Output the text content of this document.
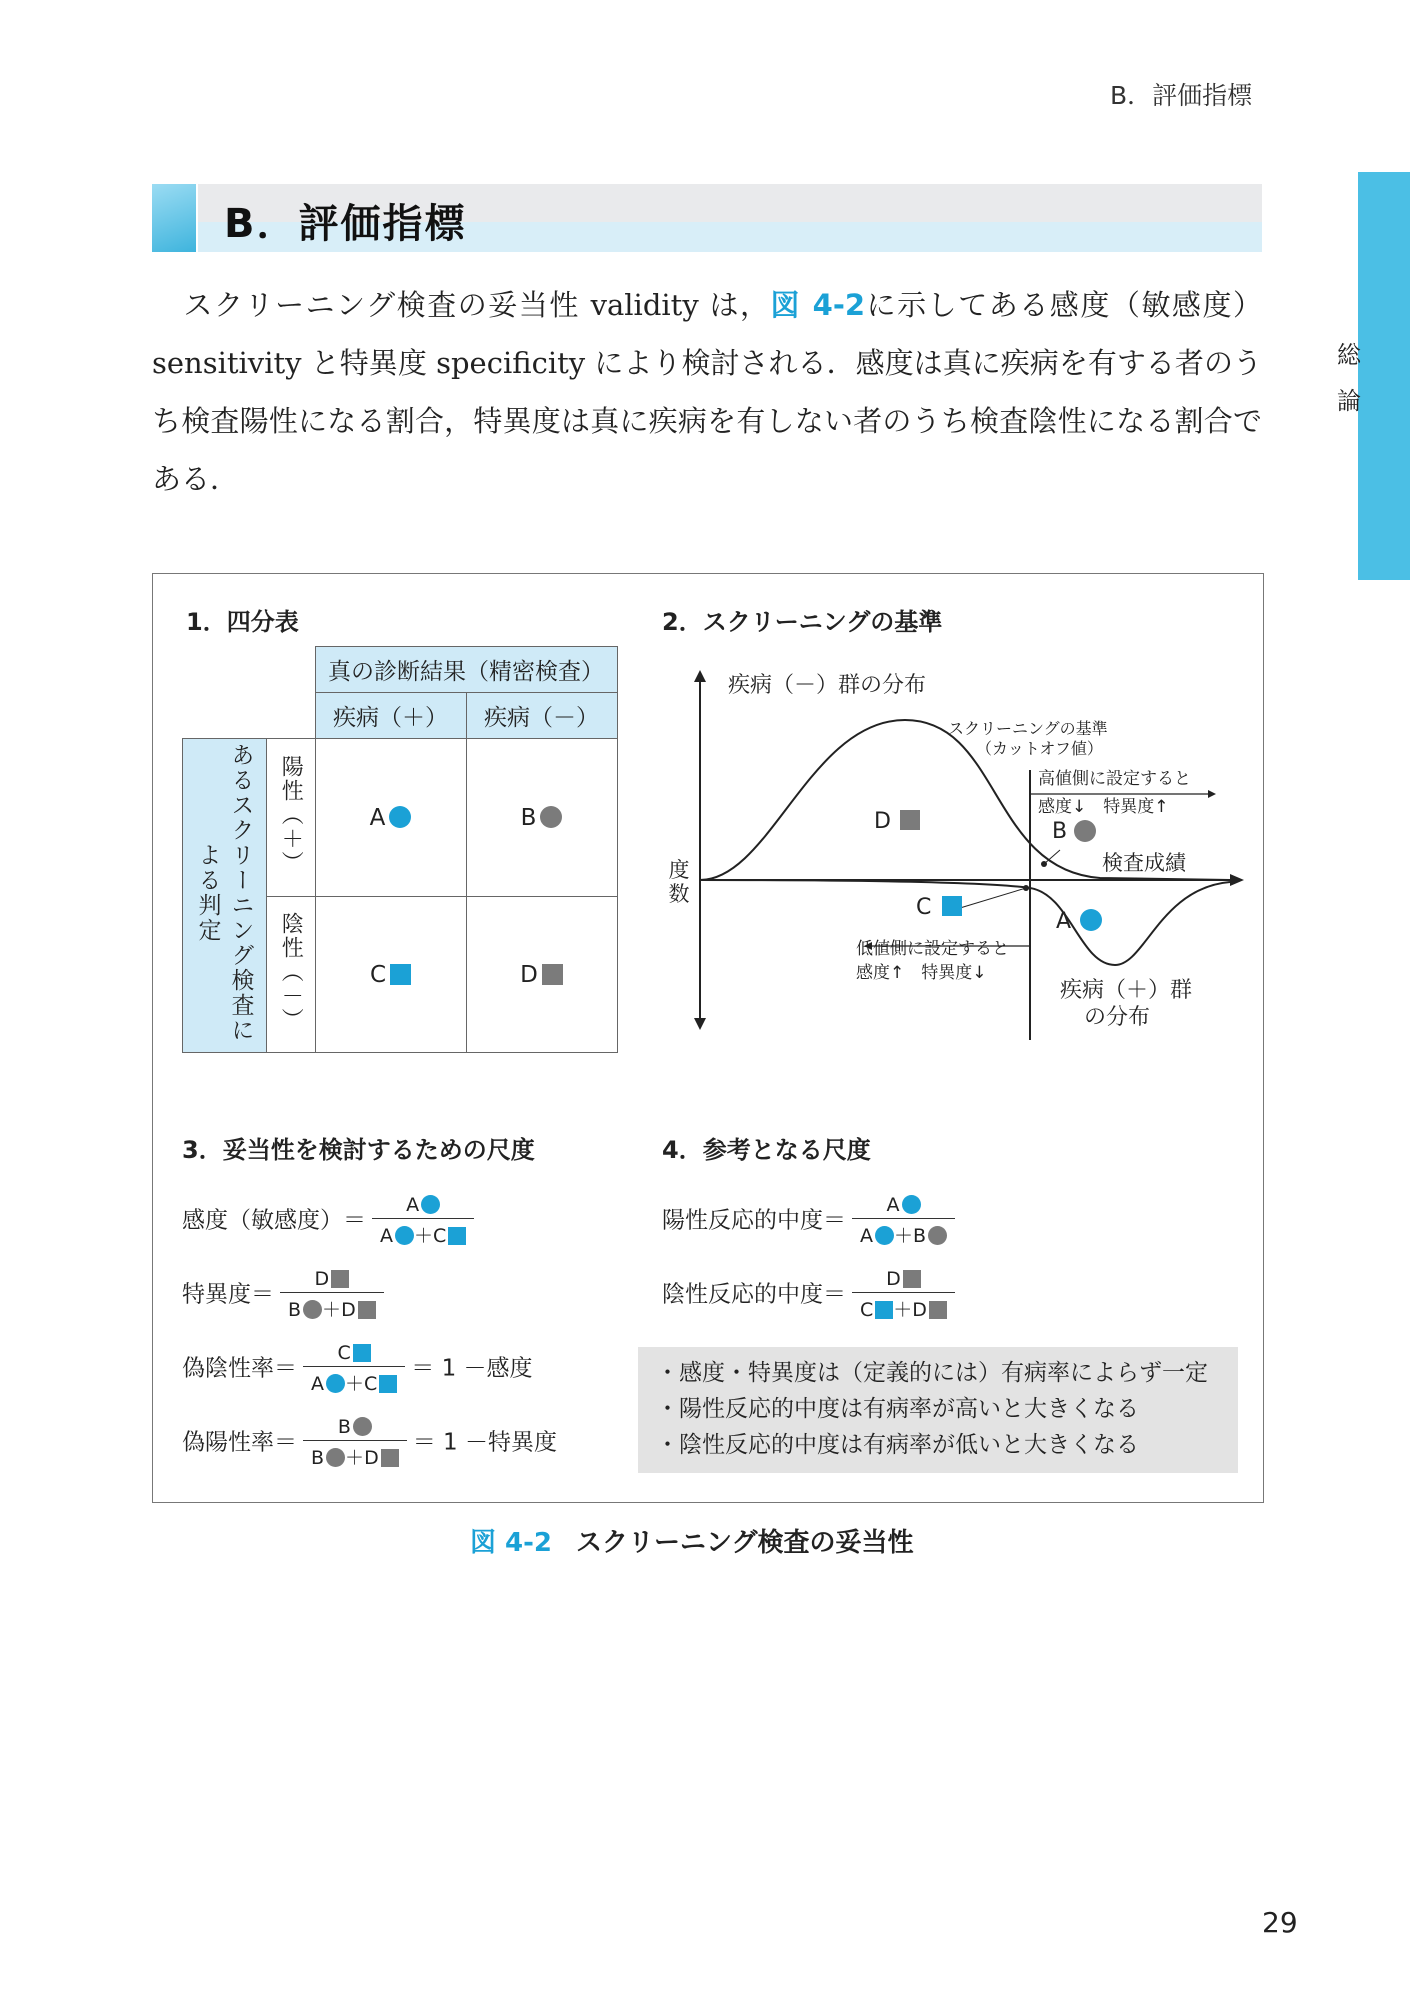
B．評価指標
総
論
B．評価指標
スクリーニング検査の妥当性 validity は，図 4-2に示してある感度（敏感度）sensitivity と特異度 specificity により検討される．感度は真に疾病を有する者のうち検査陽性になる割合，特異度は真に疾病を有しない者のうち検査陰性になる割合である．
1．四分表
		真の診断結果（精密検査）	
		疾病（＋）	疾病（－）
あるスクリーニング検査による判定	陽性（＋）	A	B
	陰性（－）	C	D
2．スクリーニングの基準
疾病（－）群の分布
スクリーニングの基準
（カットオフ値）
高値側に設定すると
感度↓　特異度↑
B
検査成績
D
C
A
低値側に設定すると
感度↑　特異度↓
疾病（＋）群
の分布
度数
3．妥当性を検討するための尺度
感度（敏感度）＝ $\frac{A}{A +C}$
特異度＝ $\frac{D}{B +D}$
偽陰性率＝ $\frac{C}{A +C} = 1$ －感度
偽陽性率＝ $\frac{B}{B +D} = 1$ －特異度
4．参考となる尺度
陽性反応的中度＝ $\frac{A}{A +B}$
陰性反応的中度＝ $\frac{D}{C +D}$
・感度・特異度は（定義的には）有病率によらず一定
・陽性反応的中度は有病率が高いと大きくなる
・陰性反応的中度は有病率が低いと大きくなる
図 4-2 スクリーニング検査の妥当性
29
